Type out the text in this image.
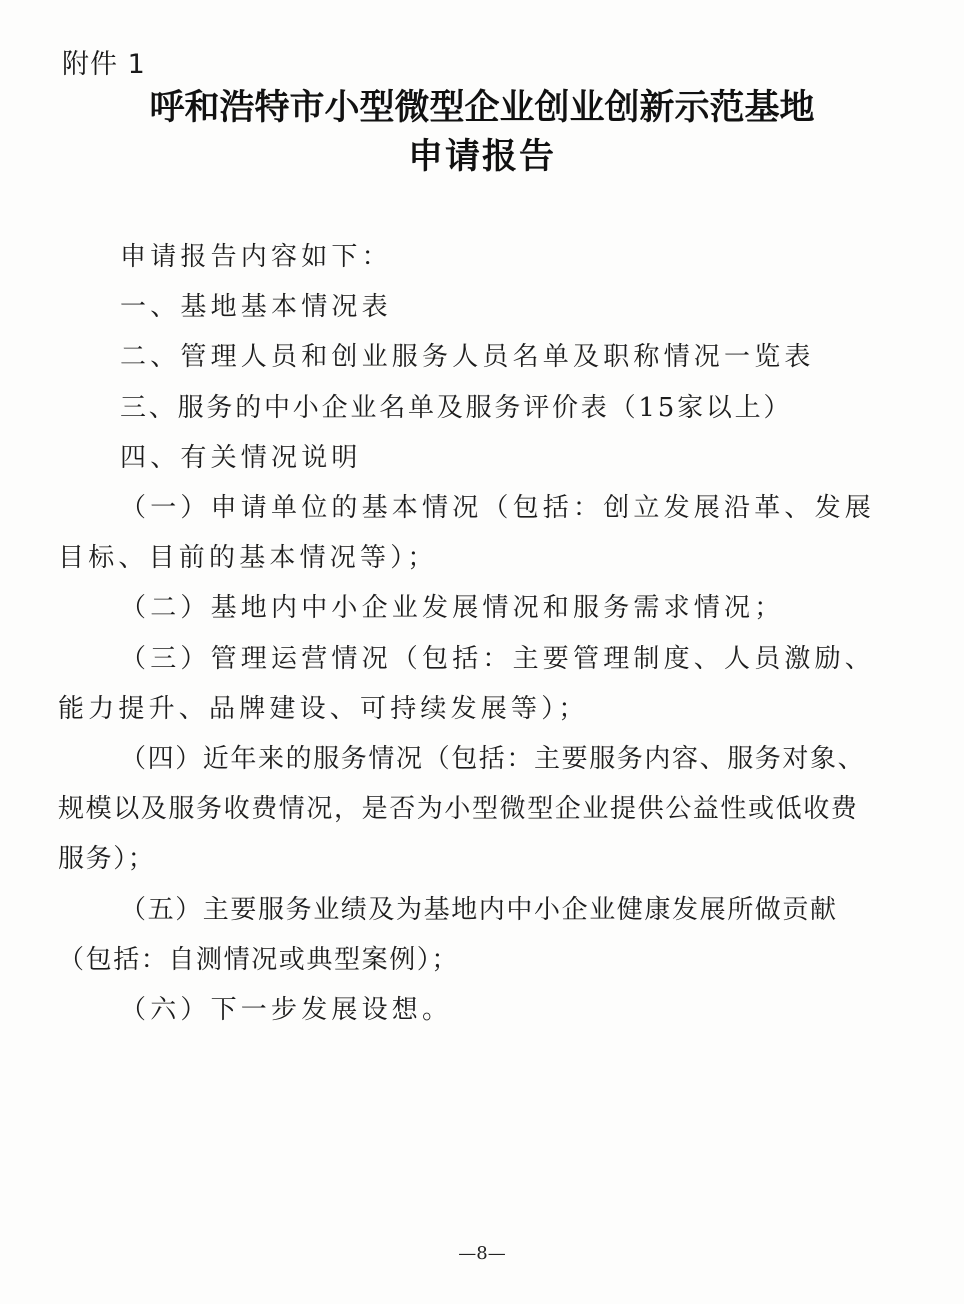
附件 1
呼和浩特市小型微型企业创业创新示范基地
申请报告

申请报告内容如下：

一、基地基本情况表

二、管理人员和创业服务人员名单及职称情况一览表

三、服务的中小企业名单及服务评价表（15家以上）

四、有关情况说明

（一）申请单位的基本情况（包括：创立发展沿革、发展目标、目前的基本情况等）；

（二）基地内中小企业发展情况和服务需求情况；

（三）管理运营情况（包括：主要管理制度、人员激励、能力提升、品牌建设、可持续发展等）；

（四）近年来的服务情况（包括：主要服务内容、服务对象、规模以及服务收费情况，是否为小型微型企业提供公益性或低收费服务）；

（五）主要服务业绩及为基地内中小企业健康发展所做贡献（包括：自测情况或典型案例）；

（六）下一步发展设想。

—8—
